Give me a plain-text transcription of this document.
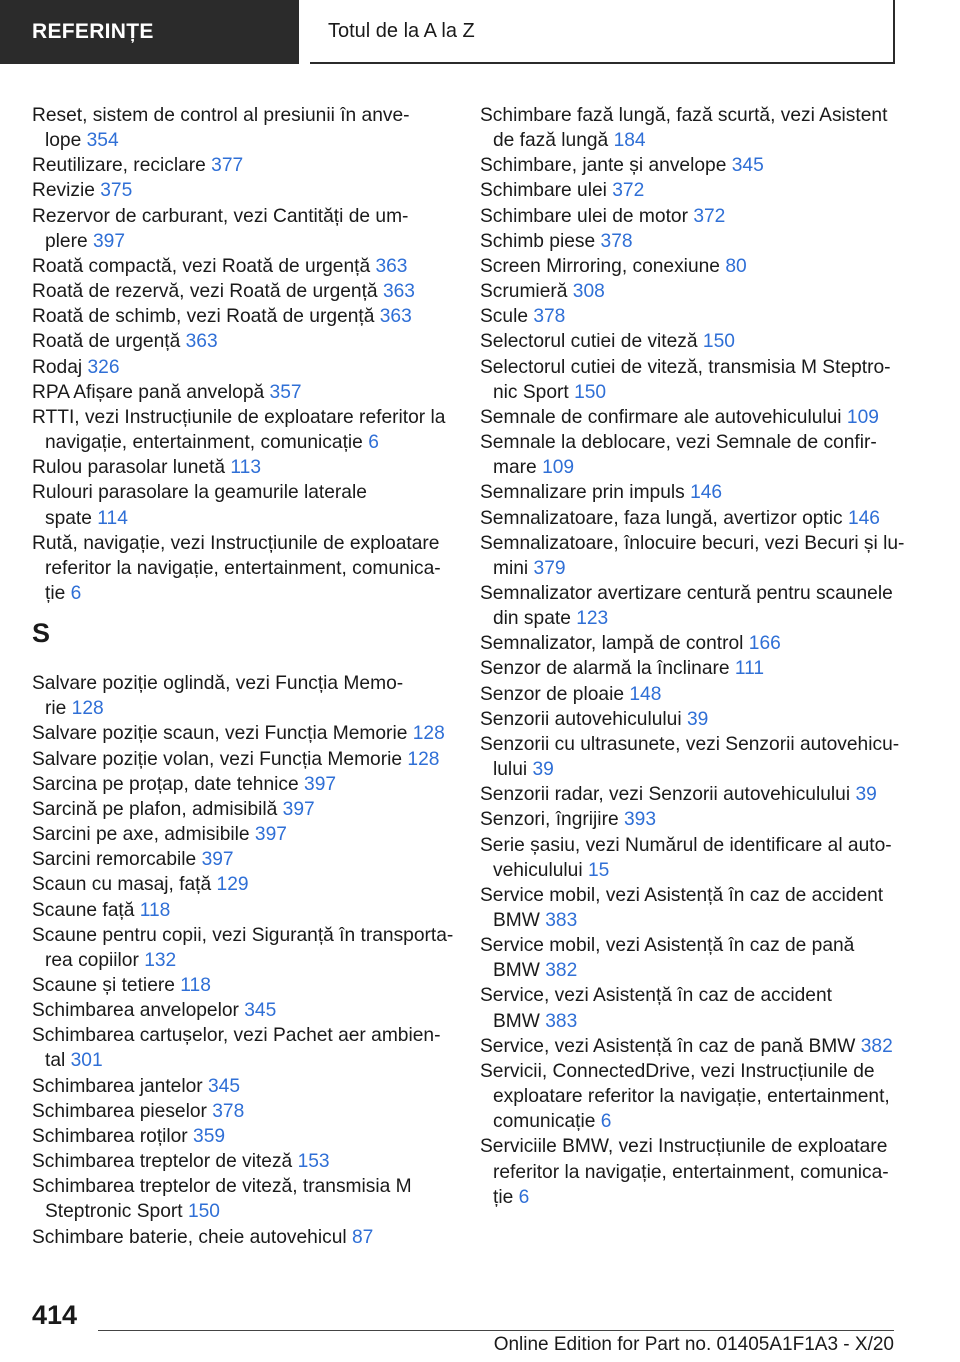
REFERINȚE	Totul de la A la Z
Reset, sistem de control al presiunii în anve-
lope 354
Reutilizare, reciclare 377
Revizie 375
Rezervor de carburant, vezi Cantități de um-
plere 397
Roată compactă, vezi Roată de urgență 363
Roată de rezervă, vezi Roată de urgență 363
Roată de schimb, vezi Roată de urgență 363
Roată de urgență 363
Rodaj 326
RPA Afișare pană anvelopă 357
RTTI, vezi Instrucțiunile de exploatare referitor la
navigație, entertainment, comunicație 6
Rulou parasolar lunetă 113
Rulouri parasolare la geamurile laterale
spate 114
Rută, navigație, vezi Instrucțiunile de exploatare
referitor la navigație, entertainment, comunica-
ție 6
S
Salvare poziție oglindă, vezi Funcția Memo-
rie 128
Salvare poziție scaun, vezi Funcția Memorie 128
Salvare poziție volan, vezi Funcția Memorie 128
Sarcina pe proțap, date tehnice 397
Sarcină pe plafon, admisibilă 397
Sarcini pe axe, admisibile 397
Sarcini remorcabile 397
Scaun cu masaj, față 129
Scaune față 118
Scaune pentru copii, vezi Siguranță în transporta-
rea copiilor 132
Scaune și tetiere 118
Schimbarea anvelopelor 345
Schimbarea cartușelor, vezi Pachet aer ambien-
tal 301
Schimbarea jantelor 345
Schimbarea pieselor 378
Schimbarea roților 359
Schimbarea treptelor de viteză 153
Schimbarea treptelor de viteză, transmisia M
Steptronic Sport 150
Schimbare baterie, cheie autovehicul 87
Schimbare fază lungă, fază scurtă, vezi Asistent
de fază lungă 184
Schimbare, jante și anvelope 345
Schimbare ulei 372
Schimbare ulei de motor 372
Schimb piese 378
Screen Mirroring, conexiune 80
Scrumieră 308
Scule 378
Selectorul cutiei de viteză 150
Selectorul cutiei de viteză, transmisia M Steptro-
nic Sport 150
Semnale de confirmare ale autovehiculului 109
Semnale la deblocare, vezi Semnale de confir-
mare 109
Semnalizare prin impuls 146
Semnalizatoare, faza lungă, avertizor optic 146
Semnalizatoare, înlocuire becuri, vezi Becuri și lu-
mini 379
Semnalizator avertizare centură pentru scaunele
din spate 123
Semnalizator, lampă de control 166
Senzor de alarmă la înclinare 111
Senzor de ploaie 148
Senzorii autovehiculului 39
Senzorii cu ultrasunete, vezi Senzorii autovehicu-
lului 39
Senzorii radar, vezi Senzorii autovehiculului 39
Senzori, îngrijire 393
Serie șasiu, vezi Numărul de identificare al auto-
vehiculului 15
Service mobil, vezi Asistență în caz de accident
BMW 383
Service mobil, vezi Asistență în caz de pană
BMW 382
Service, vezi Asistență în caz de accident
BMW 383
Service, vezi Asistență în caz de pană BMW 382
Servicii, ConnectedDrive, vezi Instrucțiunile de
exploatare referitor la navigație, entertainment,
comunicație 6
Serviciile BMW, vezi Instrucțiunile de exploatare
referitor la navigație, entertainment, comunica-
ție 6
414
Online Edition for Part no. 01405A1F1A3 - X/20
